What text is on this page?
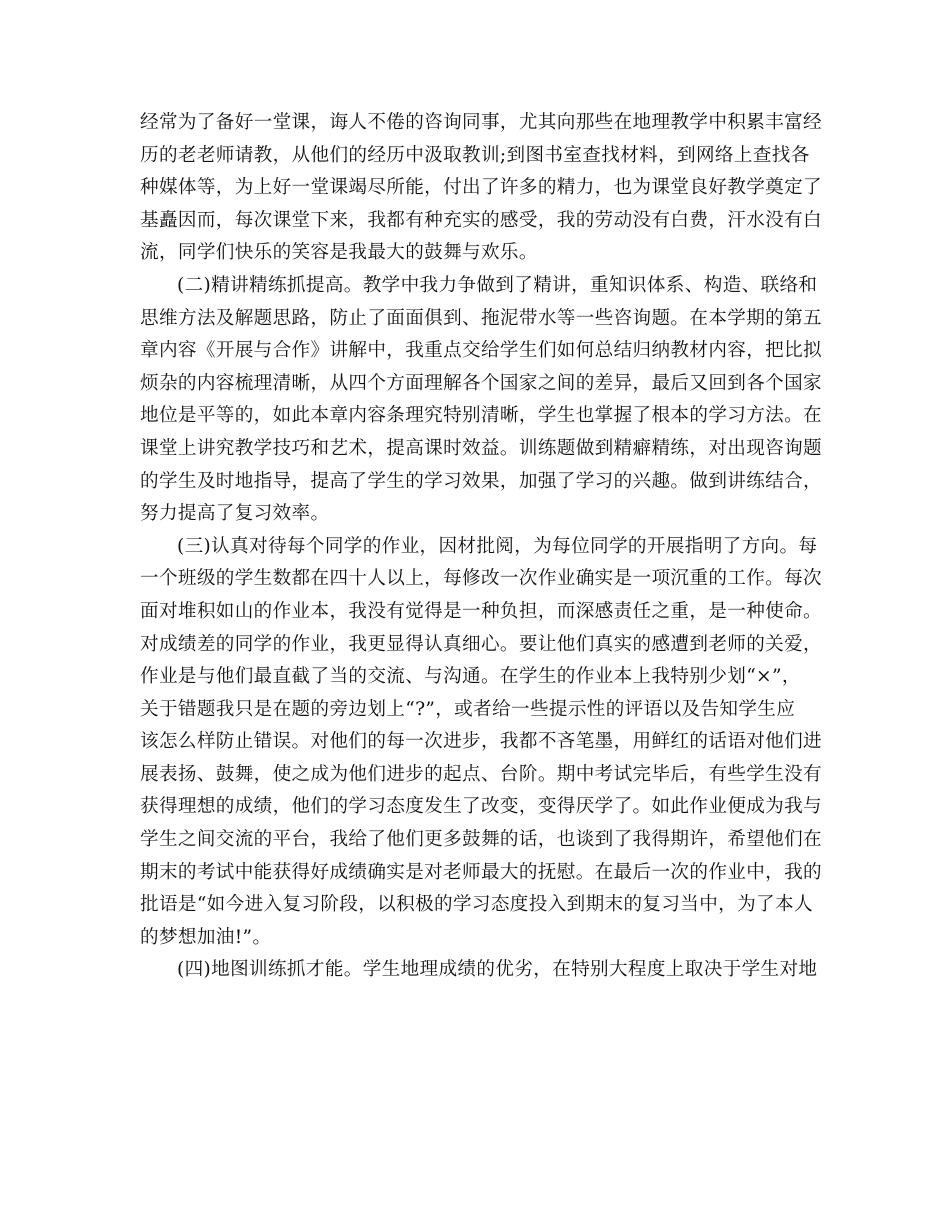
经常为了备好一堂课，诲人不倦的咨询同事，尤其向那些在地理教学中积累丰富经
历的老老师请教，从他们的经历中汲取教训;到图书室查找材料，到网络上查找各
种媒体等，为上好一堂课竭尽所能，付出了许多的精力，也为课堂良好教学奠定了
基矗因而，每次课堂下来，我都有种充实的感受，我的劳动没有白费，汗水没有白
流，同学们快乐的笑容是我最大的鼓舞与欢乐。
(二)精讲精练抓提高。教学中我力争做到了精讲，重知识体系、构造、联络和
思维方法及解题思路，防止了面面俱到、拖泥带水等一些咨询题。在本学期的第五
章内容《开展与合作》讲解中，我重点交给学生们如何总结归纳教材内容，把比拟
烦杂的内容梳理清晰，从四个方面理解各个国家之间的差异，最后又回到各个国家
地位是平等的，如此本章内容条理究特别清晰，学生也掌握了根本的学习方法。在
课堂上讲究教学技巧和艺术，提高课时效益。训练题做到精癖精练，对出现咨询题
的学生及时地指导，提高了学生的学习效果，加强了学习的兴趣。做到讲练结合，
努力提高了复习效率。
(三)认真对待每个同学的作业，因材批阅，为每位同学的开展指明了方向。每
一个班级的学生数都在四十人以上，每修改一次作业确实是一项沉重的工作。每次
面对堆积如山的作业本，我没有觉得是一种负担，而深感责任之重，是一种使命。
对成绩差的同学的作业，我更显得认真细心。要让他们真实的感遭到老师的关爱，
作业是与他们最直截了当的交流、与沟通。在学生的作业本上我特别少划“×”，
关于错题我只是在题的旁边划上“?”，或者给一些提示性的评语以及告知学生应
该怎么样防止错误。对他们的每一次进步，我都不吝笔墨，用鲜红的话语对他们进
展表扬、鼓舞，使之成为他们进步的起点、台阶。期中考试完毕后，有些学生没有
获得理想的成绩，他们的学习态度发生了改变，变得厌学了。如此作业便成为我与
学生之间交流的平台，我给了他们更多鼓舞的话，也谈到了我得期许，希望他们在
期末的考试中能获得好成绩确实是对老师最大的抚慰。在最后一次的作业中，我的
批语是“如今进入复习阶段，以积极的学习态度投入到期末的复习当中，为了本人
的梦想加油!”。
(四)地图训练抓才能。学生地理成绩的优劣，在特别大程度上取决于学生对地
